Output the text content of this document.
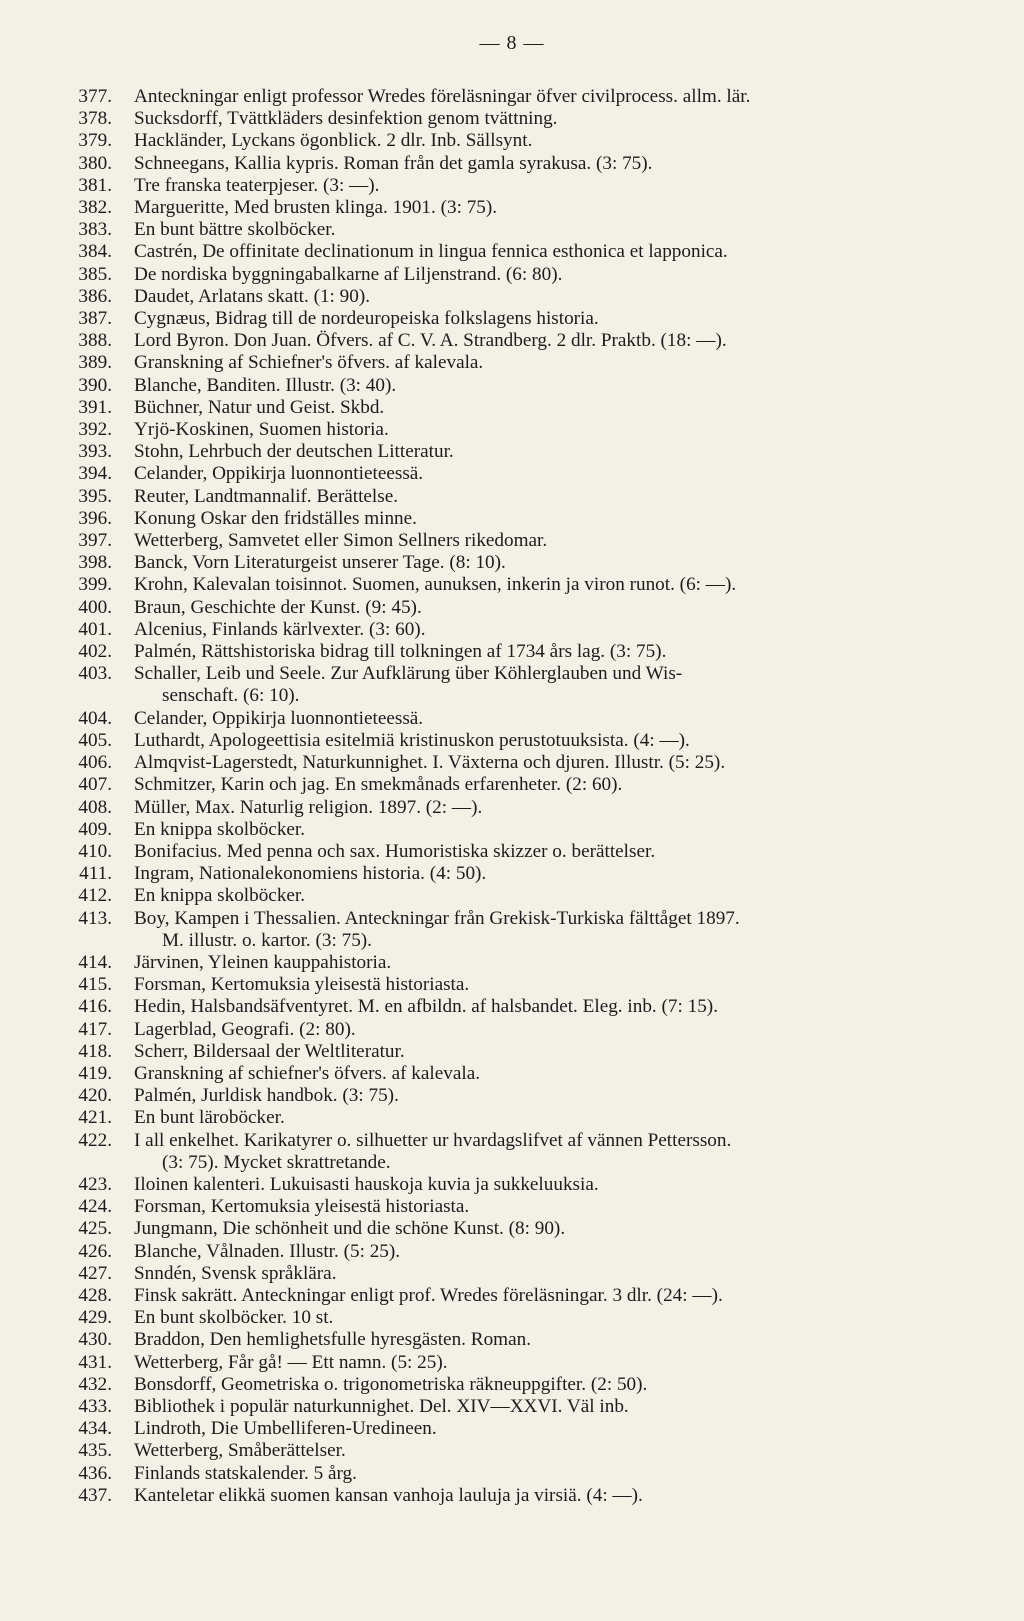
— 8 —
377.	Anteckningar enligt professor Wredes föreläsningar öfver civilprocess. allm. lär.
378.	Sucksdorff, Tvättkläders desinfektion genom tvättning.
379.	Hackländer, Lyckans ögonblick. 2 dlr. Inb. Sällsynt.
380.	Schneegans, Kallia kypris. Roman från det gamla syrakusa. (3: 75).
381.	Tre franska teaterpjeser. (3: —).
382.	Margueritte, Med brusten klinga. 1901. (3: 75).
383.	En bunt bättre skolböcker.
384.	Castrén, De offinitate declinationum in lingua fennica esthonica et lapponica.
385.	De nordiska byggningabalkarne af Liljenstrand. (6: 80).
386.	Daudet, Arlatans skatt. (1: 90).
387.	Cygnæus, Bidrag till de nordeuropeiska folkslagens historia.
388.	Lord Byron. Don Juan. Öfvers. af C. V. A. Strandberg. 2 dlr. Praktb. (18: —).
389.	Granskning af Schiefner's öfvers. af kalevala.
390.	Blanche, Banditen. Illustr. (3: 40).
391.	Büchner, Natur und Geist. Skbd.
392.	Yrjö-Koskinen, Suomen historia.
393.	Stohn, Lehrbuch der deutschen Litteratur.
394.	Celander, Oppikirja luonnontieteessä.
395.	Reuter, Landtmannalif. Berättelse.
396.	Konung Oskar den fridställes minne.
397.	Wetterberg, Samvetet eller Simon Sellners rikedomar.
398.	Banck, Vorn Literaturgeist unserer Tage. (8: 10).
399.	Krohn, Kalevalan toisinnot. Suomen, aunuksen, inkerin ja viron runot. (6: —).
400.	Braun, Geschichte der Kunst. (9: 45).
401.	Alcenius, Finlands kärlvexter. (3: 60).
402.	Palmén, Rättshistoriska bidrag till tolkningen af 1734 års lag. (3: 75).
403.	Schaller, Leib und Seele. Zur Aufklärung über Köhlerglauben und Wis-
senschaft. (6: 10).
404.	Celander, Oppikirja luonnontieteessä.
405.	Luthardt, Apologeettisia esitelmiä kristinuskon perustotuuksista. (4: —).
406.	Almqvist-Lagerstedt, Naturkunnighet. I. Växterna och djuren. Illustr. (5: 25).
407.	Schmitzer, Karin och jag. En smekmånads erfarenheter. (2: 60).
408.	Müller, Max. Naturlig religion. 1897. (2: —).
409.	En knippa skolböcker.
410.	Bonifacius. Med penna och sax. Humoristiska skizzer o. berättelser.
411.	Ingram, Nationalekonomiens historia. (4: 50).
412.	En knippa skolböcker.
413.	Boy, Kampen i Thessalien. Anteckningar från Grekisk-Turkiska fälttåget 1897.
M. illustr. o. kartor. (3: 75).
414.	Järvinen, Yleinen kauppahistoria.
415.	Forsman, Kertomuksia yleisestä historiasta.
416.	Hedin, Halsbandsäfventyret. M. en afbildn. af halsbandet. Eleg. inb. (7: 15).
417.	Lagerblad, Geografi. (2: 80).
418.	Scherr, Bildersaal der Weltliteratur.
419.	Granskning af schiefner's öfvers. af kalevala.
420.	Palmén, Jurldisk handbok. (3: 75).
421.	En bunt läroböcker.
422.	I all enkelhet. Karikatyrer o. silhuetter ur hvardagslifvet af vännen Pettersson.
(3: 75). Mycket skrattretande.
423.	Iloinen kalenteri. Lukuisasti hauskoja kuvia ja sukkeluuksia.
424.	Forsman, Kertomuksia yleisestä historiasta.
425.	Jungmann, Die schönheit und die schöne Kunst. (8: 90).
426.	Blanche, Vålnaden. Illustr. (5: 25).
427.	Snndén, Svensk språklära.
428.	Finsk sakrätt. Anteckningar enligt prof. Wredes föreläsningar. 3 dlr. (24: —).
429.	En bunt skolböcker. 10 st.
430.	Braddon, Den hemlighetsfulle hyresgästen. Roman.
431.	Wetterberg, Får gå! — Ett namn. (5: 25).
432.	Bonsdorff, Geometriska o. trigonometriska räkneuppgifter. (2: 50).
433.	Bibliothek i populär naturkunnighet. Del. XIV—XXVI. Väl inb.
434.	Lindroth, Die Umbelliferen-Uredineen.
435.	Wetterberg, Småberättelser.
436.	Finlands statskalender. 5 årg.
437.	Kanteletar elikkä suomen kansan vanhoja lauluja ja virsiä. (4: —).
